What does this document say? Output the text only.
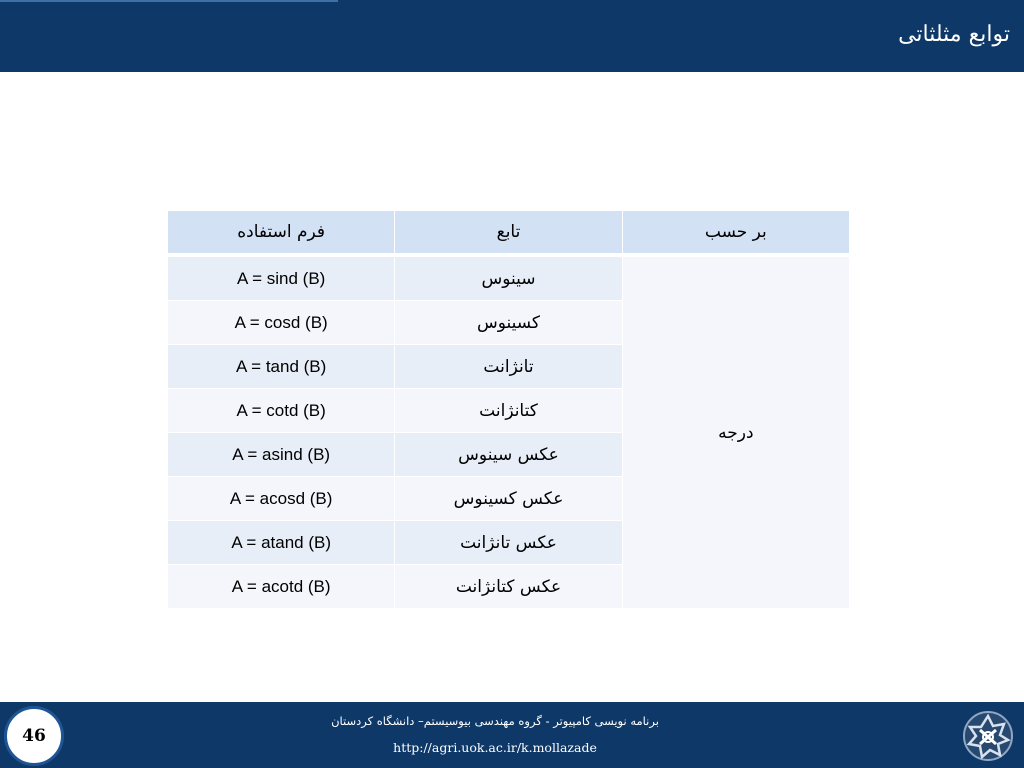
توابع مثلثاتی
بر حسب	تابع	فرم استفاده
درجه	سینوس	A = sind (B)
	کسینوس	A = cosd (B)
	تانژانت	A = tand (B)
	کتانژانت	A = cotd (B)
	عکس سینوس	A = asind (B)
	عکس کسینوس	A = acosd (B)
	عکس تانژانت	A = atand (B)
	عکس کتانژانت	A = acotd (B)
برنامه نویسی کامپیوتر - گروه مهندسی بیوسیستم– دانشگاه کردستان
http://agri.uok.ac.ir/k.mollazade
46
